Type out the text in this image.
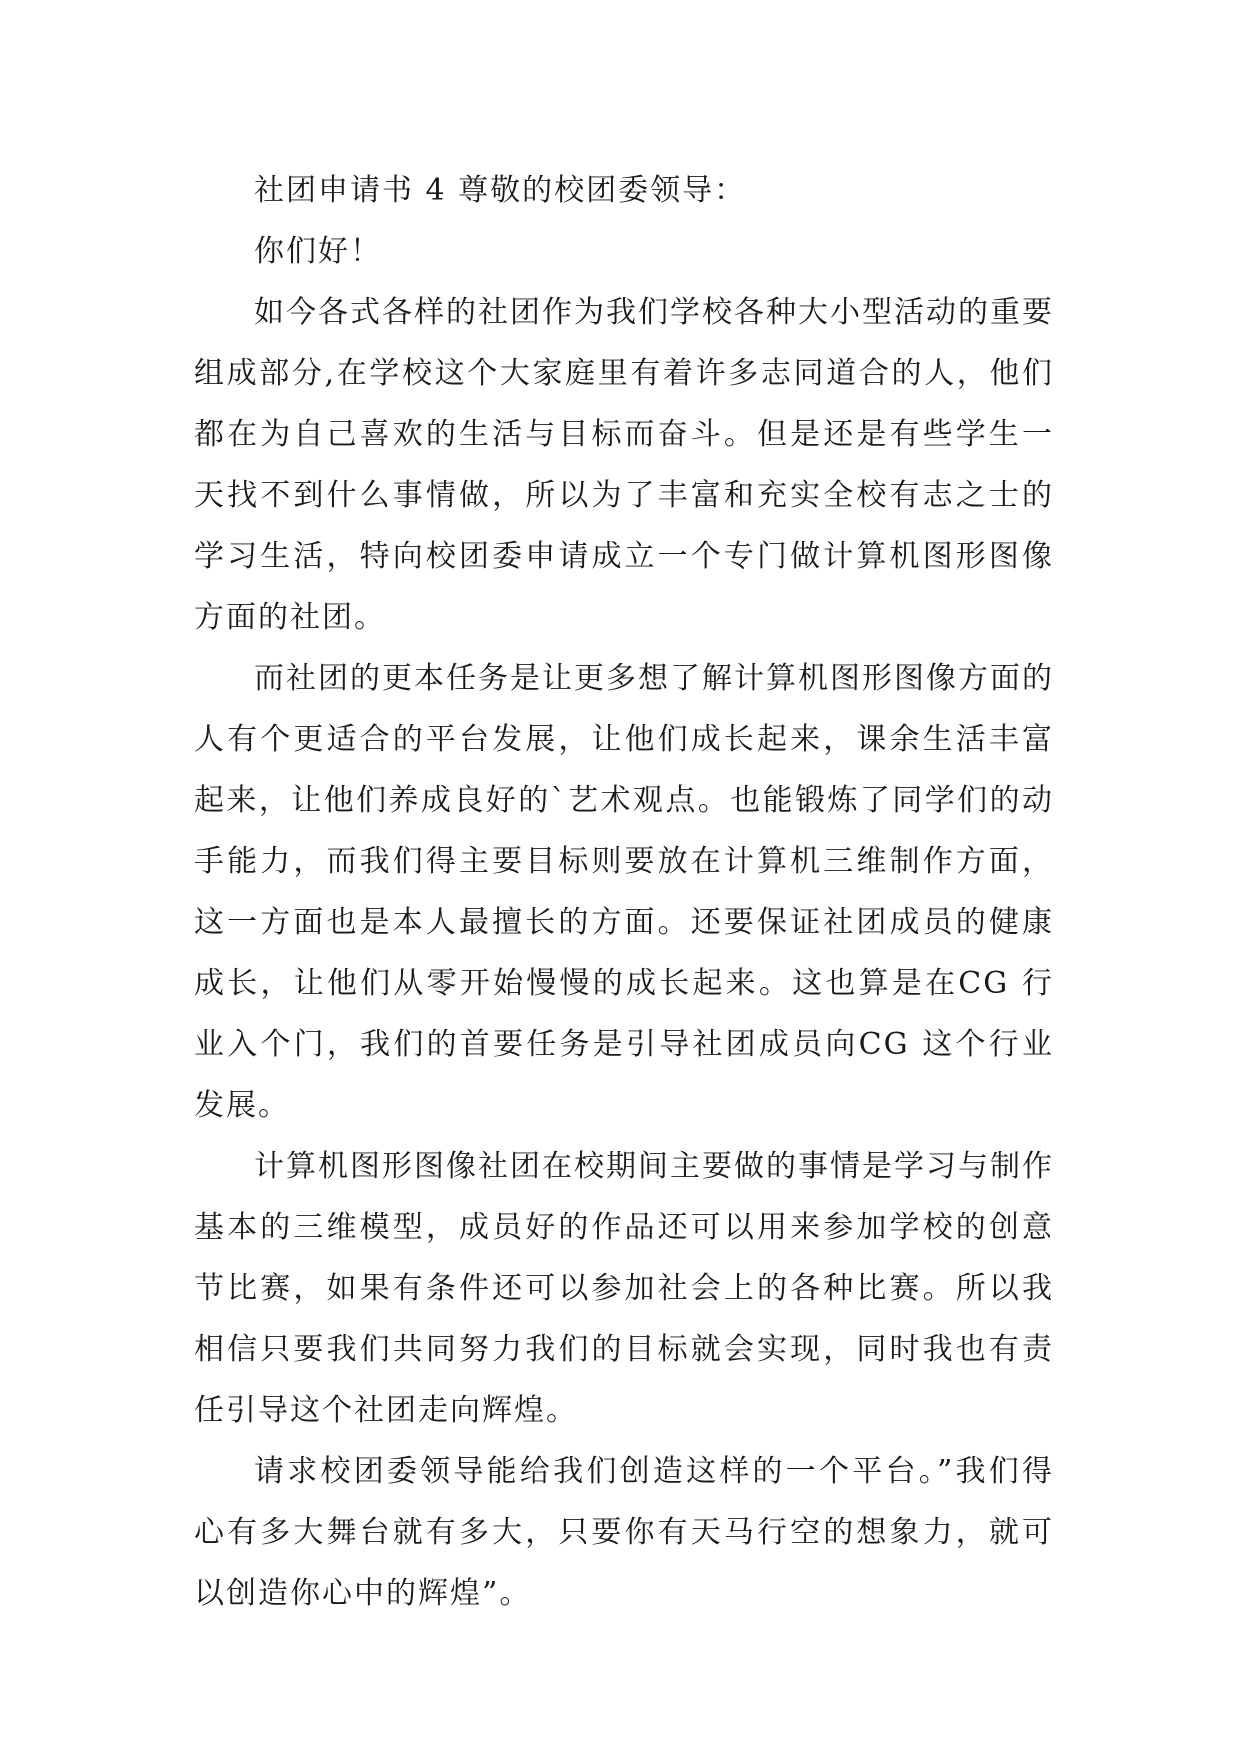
社团申请书 4 尊敬的校团委领导：

你们好！

如今各式各样的社团作为我们学校各种大小型活动的重要组成部分,在学校这个大家庭里有着许多志同道合的人，他们都在为自己喜欢的生活与目标而奋斗。但是还是有些学生一天找不到什么事情做，所以为了丰富和充实全校有志之士的学习生活，特向校团委申请成立一个专门做计算机图形图像方面的社团。

而社团的更本任务是让更多想了解计算机图形图像方面的人有个更适合的平台发展，让他们成长起来，课余生活丰富起来，让他们养成良好的`艺术观点。也能锻炼了同学们的动手能力，而我们得主要目标则要放在计算机三维制作方面，这一方面也是本人最擅长的方面。还要保证社团成员的健康成长，让他们从零开始慢慢的成长起来。这也算是在CG 行业入个门，我们的首要任务是引导社团成员向CG 这个行业发展。

计算机图形图像社团在校期间主要做的事情是学习与制作基本的三维模型，成员好的作品还可以用来参加学校的创意节比赛，如果有条件还可以参加社会上的各种比赛。所以我相信只要我们共同努力我们的目标就会实现，同时我也有责任引导这个社团走向辉煌。

请求校团委领导能给我们创造这样的一个平台。”我们得心有多大舞台就有多大，只要你有天马行空的想象力，就可以创造你心中的辉煌”。
